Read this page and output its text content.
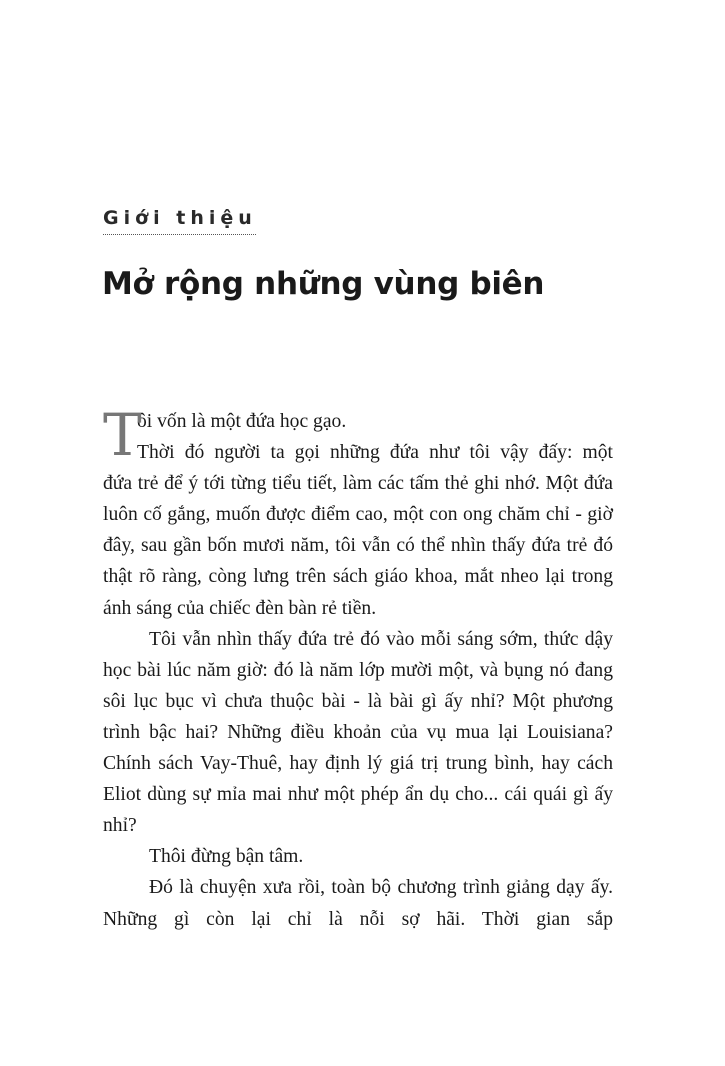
Giới thiệu
Mở rộng những vùng biên
T
ôi vốn là một đứa học gạo.
Thời đó người ta gọi những đứa như tôi vậy đấy: một

đứa trẻ để ý tới từng tiểu tiết, làm các tấm thẻ ghi nhớ. Một đứa luôn cố gắng, muốn được điểm cao, một con ong chăm chỉ - giờ đây, sau gần bốn mươi năm, tôi vẫn có thể nhìn thấy đứa trẻ đó thật rõ ràng, còng lưng trên sách giáo khoa, mắt nheo lại trong ánh sáng của chiếc đèn bàn rẻ tiền.

Tôi vẫn nhìn thấy đứa trẻ đó vào mỗi sáng sớm, thức dậy học bài lúc năm giờ: đó là năm lớp mười một, và bụng nó đang sôi lục bục vì chưa thuộc bài - là bài gì ấy nhỉ? Một phương trình bậc hai? Những điều khoản của vụ mua lại Louisiana? Chính sách Vay-Thuê, hay định lý giá trị trung bình, hay cách Eliot dùng sự mỉa mai như một phép ẩn dụ cho... cái quái gì ấy nhỉ?

Thôi đừng bận tâm.

Đó là chuyện xưa rồi, toàn bộ chương trình giảng dạy ấy. Những gì còn lại chỉ là nỗi sợ hãi. Thời gian sắp
